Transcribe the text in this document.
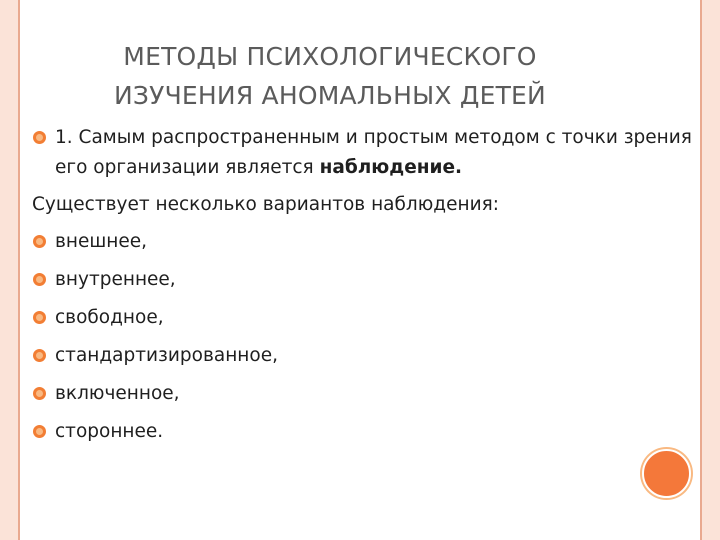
МЕТОДЫ ПСИХОЛОГИЧЕСКОГО
ИЗУЧЕНИЯ АНОМАЛЬНЫХ ДЕТЕЙ
1. Самым распространенным и простым методом с точки зрения его организации является наблюдение.
Существует несколько вариантов наблюдения:
внешнее,
внутреннее,
свободное,
стандартизированное,
включенное,
стороннее.
